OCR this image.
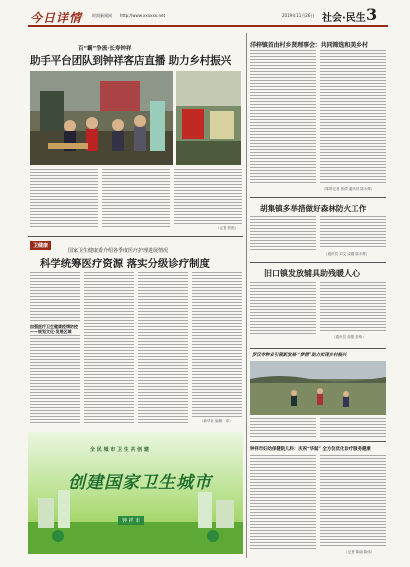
今日详情 时间新闻网 http://www.xxxxxx.net	2019年11月26日 社会·民生 3
百“霸”争流·长寿钟祥
助手平台团队到钟祥客店直播 助力乡村振兴
（记者 张艳）
洋梓镇首由村乡贤理事会：共同筛选和美乡村
（陈婷记者 张倩 通讯员 陈永辉）
胡集镇多举措做好森林防火工作
（通讯员 刘文 谈耀 陈永辉）
卫健康
国家卫生健康委介绍各季度医疗护理进展情况
科学统筹医疗资源 落实分级诊疗制度
加强医疗卫生健康疫情防控
——规划文化·发展区域
（新华社 编辑：邓）
旧口镇发放辅具助残暖人心
（通讯员 周强 贺伟）
罗汉寺种业引领新发展·“梦想”助力实现乡村振兴
全 民 城 市 卫 生 共 创 建
创建国家卫生城市
钟 祥 市
钟祥市妇幼保健院儿科：庆祝“华诞” 全方位优化诊疗服务健康
（记者 陈丽 陈伟）
